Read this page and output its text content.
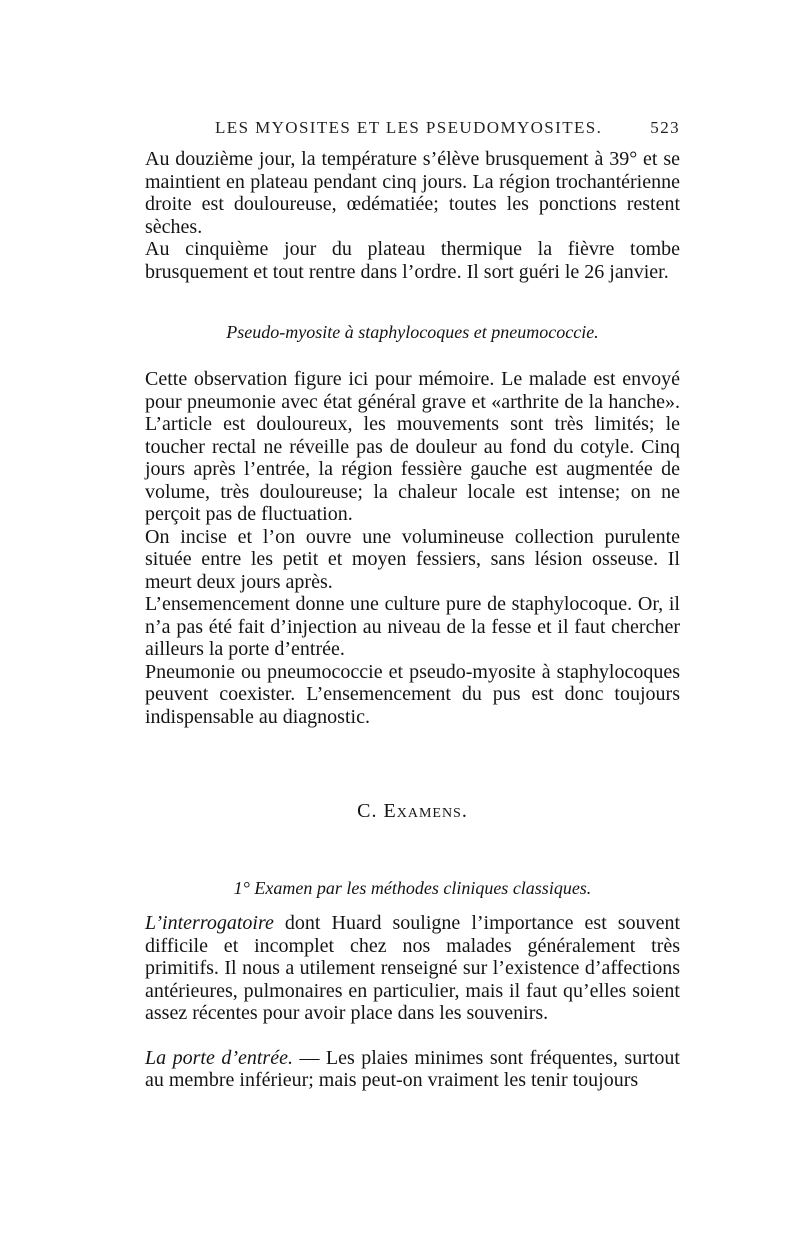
LES MYOSITES ET LES PSEUDOMYOSITES.	523

Au douzième jour, la température s’élève brusquement à 39° et se maintient en plateau pendant cinq jours. La région trochantérienne droite est douloureuse, œdématiée; toutes les ponctions restent sèches.

Au cinquième jour du plateau thermique la fièvre tombe brusquement et tout rentre dans l’ordre. Il sort guéri le 26 janvier.

Pseudo-myosite à staphylocoques et pneumococcie.

Cette observation figure ici pour mémoire. Le malade est envoyé pour pneumonie avec état général grave et «arthrite de la hanche». L’article est douloureux, les mouvements sont très limités; le toucher rectal ne réveille pas de douleur au fond du cotyle. Cinq jours après l’entrée, la région fessière gauche est augmentée de volume, très douloureuse; la chaleur locale est intense; on ne perçoit pas de fluctuation.

On incise et l’on ouvre une volumineuse collection purulente située entre les petit et moyen fessiers, sans lésion osseuse. Il meurt deux jours après.

L’ensemencement donne une culture pure de staphylocoque. Or, il n’a pas été fait d’injection au niveau de la fesse et il faut chercher ailleurs la porte d’entrée.

Pneumonie ou pneumococcie et pseudo-myosite à staphylocoques peuvent coexister. L’ensemencement du pus est donc toujours indispensable au diagnostic.

C. Examens.
1° Examen par les méthodes cliniques classiques.

L’interrogatoire dont Huard souligne l’importance est souvent difficile et incomplet chez nos malades généralement très primitifs. Il nous a utilement renseigné sur l’existence d’affections antérieures, pulmonaires en particulier, mais il faut qu’elles soient assez récentes pour avoir place dans les souvenirs.

La porte d’entrée. — Les plaies minimes sont fréquentes, surtout au membre inférieur; mais peut-on vraiment les tenir toujours
